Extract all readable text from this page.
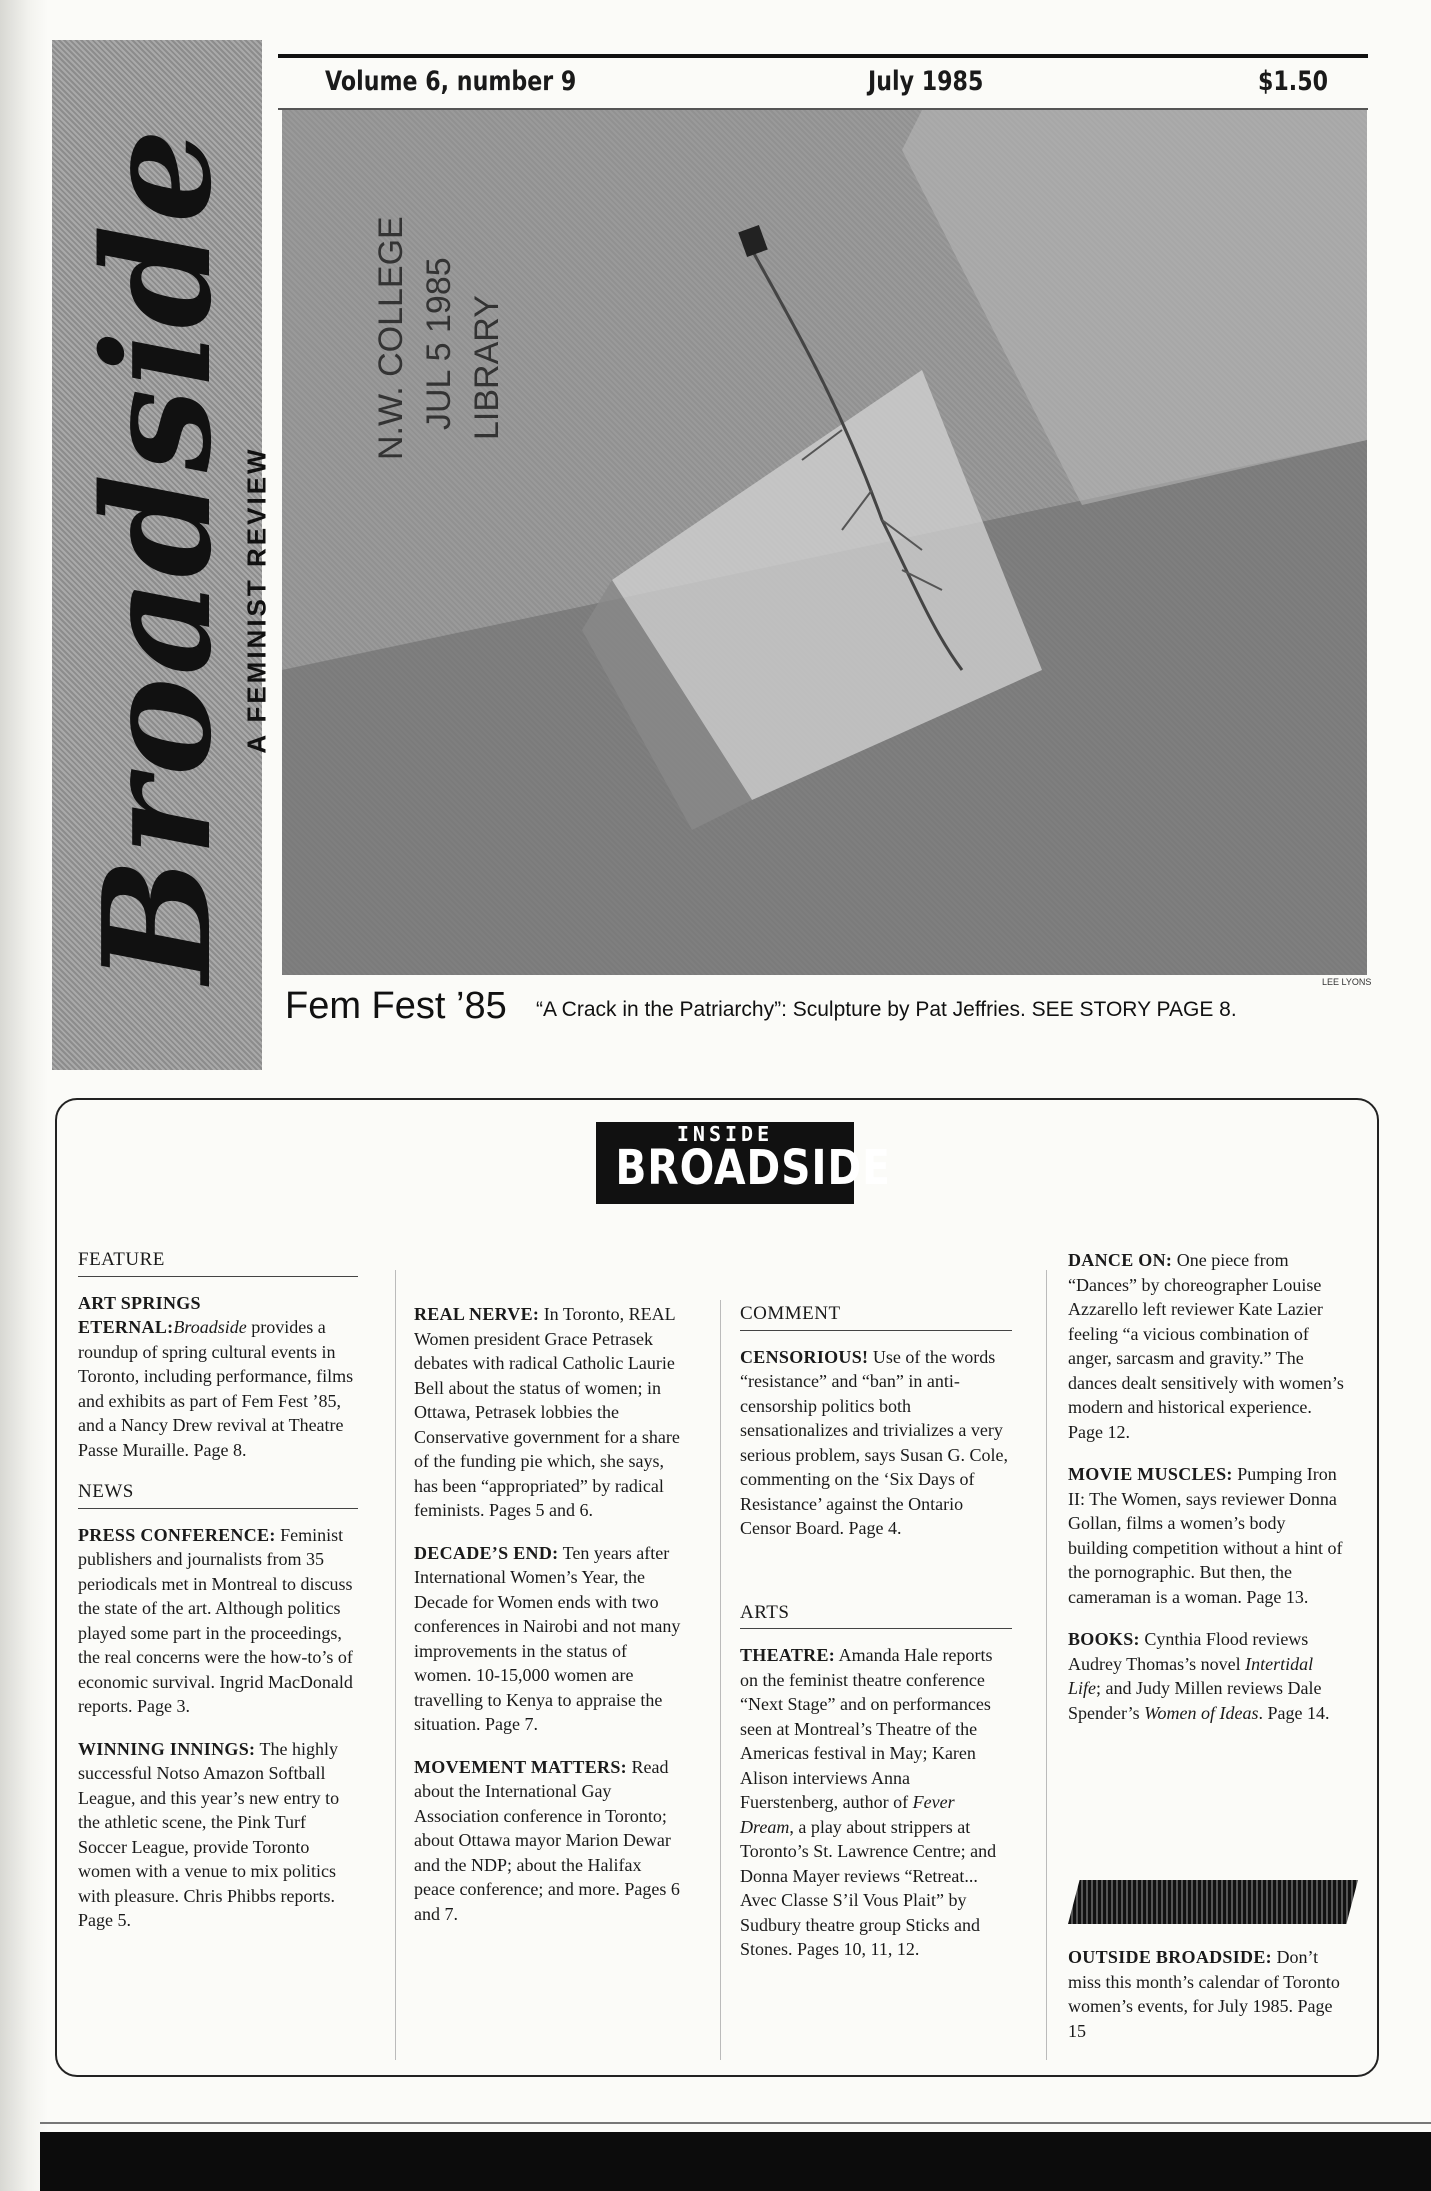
Broadside
A FEMINIST REVIEW
Volume 6, number 9	July 1985	$1.50
N.W. COLLEGE JUL 5 1985 LIBRARY
LEE LYONS
Fem Fest ’85 “A Crack in the Patriarchy”: Sculpture by Pat Jeffries. SEE STORY PAGE 8.
INSIDE
BROADSIDE
FEATURE

ART SPRINGS ETERNAL:Broadside provides a roundup of spring cultural events in Toronto, including performance, films and exhibits as part of Fem Fest ’85, and a Nancy Drew revival at Theatre Passe Muraille. Page 8.

NEWS

PRESS CONFERENCE: Feminist publishers and journalists from 35 periodicals met in Montreal to discuss the state of the art. Although politics played some part in the proceedings, the real concerns were the how-to’s of economic survival. Ingrid MacDonald reports. Page 3.

WINNING INNINGS: The highly successful Notso Amazon Softball League, and this year’s new entry to the athletic scene, the Pink Turf Soccer League, provide Toronto women with a venue to mix politics with pleasure. Chris Phibbs reports. Page 5.

REAL NERVE: In Toronto, REAL Women president Grace Petrasek debates with radical Catholic Laurie Bell about the status of women; in Ottawa, Petrasek lobbies the Conservative government for a share of the funding pie which, she says, has been “appropriated” by radical feminists. Pages 5 and 6.

DECADE’S END: Ten years after International Women’s Year, the Decade for Women ends with two conferences in Nairobi and not many improvements in the status of women. 10-15,000 women are travelling to Kenya to appraise the situation. Page 7.

MOVEMENT MATTERS: Read about the International Gay Association conference in Toronto; about Ottawa mayor Marion Dewar and the NDP; about the Halifax peace conference; and more. Pages 6 and 7.

COMMENT

CENSORIOUS! Use of the words “resistance” and “ban” in anti-censorship politics both sensationalizes and trivializes a very serious problem, says Susan G. Cole, commenting on the ‘Six Days of Resistance’ against the Ontario Censor Board. Page 4.

ARTS

THEATRE: Amanda Hale reports on the feminist theatre conference “Next Stage” and on performances seen at Montreal’s Theatre of the Americas festival in May; Karen Alison interviews Anna Fuerstenberg, author of Fever Dream, a play about strippers at Toronto’s St. Lawrence Centre; and Donna Mayer reviews “Retreat... Avec Classe S’il Vous Plait” by Sudbury theatre group Sticks and Stones. Pages 10, 11, 12.

DANCE ON: One piece from “Dances” by choreographer Louise Azzarello left reviewer Kate Lazier feeling “a vicious combination of anger, sarcasm and gravity.” The dances dealt sensitively with women’s modern and historical experience. Page 12.

MOVIE MUSCLES: Pumping Iron II: The Women, says reviewer Donna Gollan, films a women’s body building competition without a hint of the pornographic. But then, the cameraman is a woman. Page 13.

BOOKS: Cynthia Flood reviews Audrey Thomas’s novel Intertidal Life; and Judy Millen reviews Dale Spender’s Women of Ideas. Page 14.

OUTSIDE BROADSIDE: Don’t miss this month’s calendar of Toronto women’s events, for July 1985. Page 15
